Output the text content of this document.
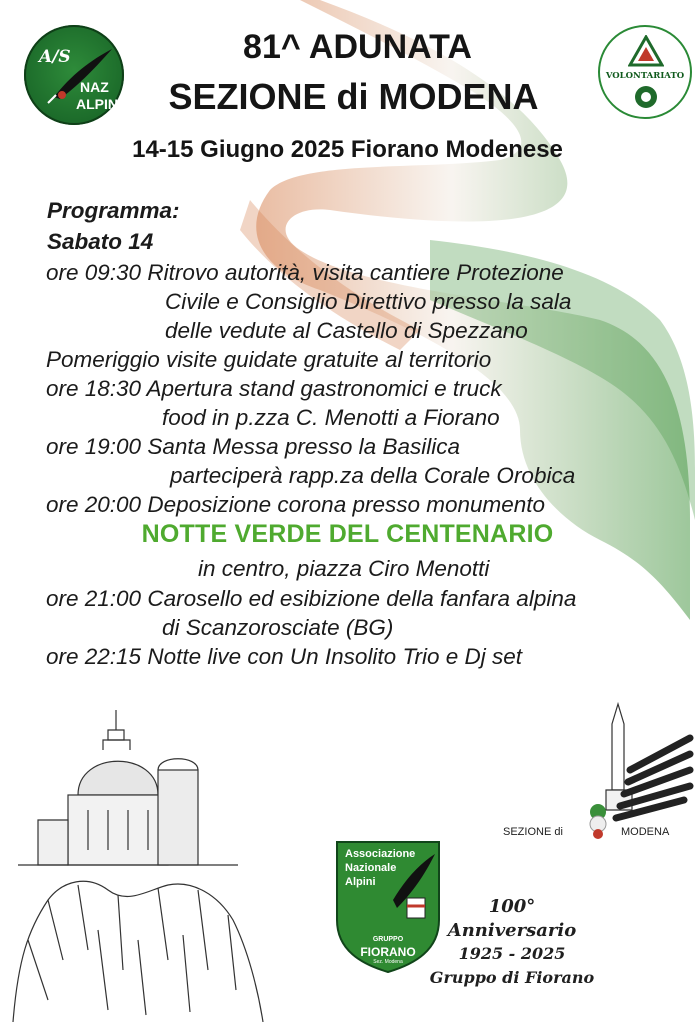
A/S
NAZ
ALPINI
VOLONTARIATO
81^ ADUNATA
SEZIONE di MODENA
14-15 Giugno 2025 Fiorano Modenese
Programma:
Sabato 14
ore 09:30 Ritrovo autorità, visita cantiere Protezione
Civile e Consiglio Direttivo presso la sala
delle vedute al Castello di Spezzano
Pomeriggio visite guidate gratuite al territorio
ore 18:30 Apertura stand gastronomici e truck
food in p.zza C. Menotti a Fiorano
ore 19:00 Santa Messa presso la Basilica
parteciperà rapp.za della Corale Orobica
ore 20:00 Deposizione corona presso monumento
NOTTE VERDE DEL CENTENARIO
in centro, piazza Ciro Menotti
ore 21:00 Carosello ed esibizione della fanfara alpina
di Scanzorosciate (BG)
ore 22:15 Notte live con Un Insolito Trio e Dj set
SEZIONE di	MODENA
Associazione
Nazionale
Alpini
GRUPPO
FIORANO
Sez. Modena
100°
Anniversario
1925 - 2025
Gruppo di Fiorano
